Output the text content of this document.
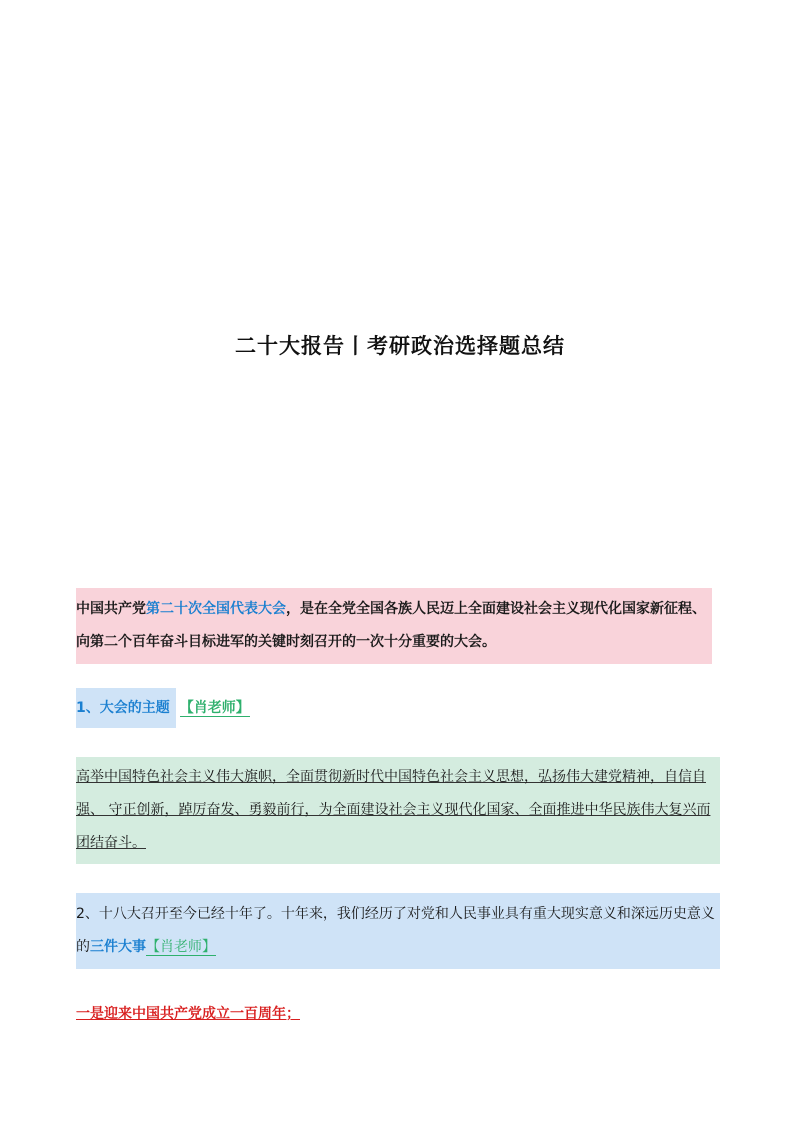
二十大报告丨考研政治选择题总结
中国共产党第二十次全国代表大会，是在全党全国各族人民迈上全面建设社会主义现代化国家新征程、向第二个百年奋斗目标进军的关键时刻召开的一次十分重要的大会。
1、大会的主题 【肖老师】
高举中国特色社会主义伟大旗帜，全面贯彻新时代中国特色社会主义思想，弘扬伟大建党精神，自信自强、 守正创新，踔厉奋发、勇毅前行，为全面建设社会主义现代化国家、全面推进中华民族伟大复兴而团结奋斗。
2、十八大召开至今已经十年了。十年来，我们经历了对党和人民事业具有重大现实意义和深远历史意义的三件大事【肖老师】
一是迎来中国共产党成立一百周年；
